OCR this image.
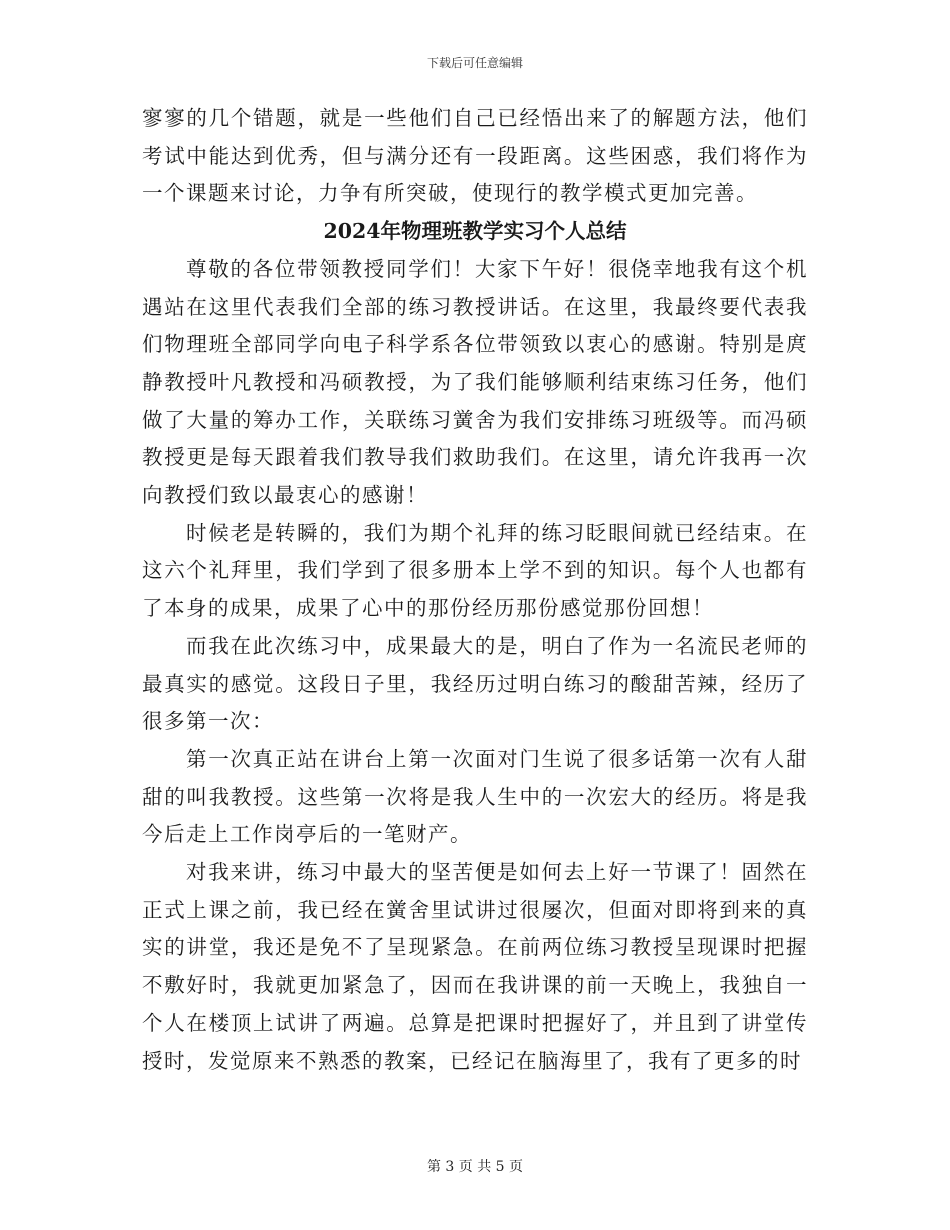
下载后可任意编辑

寥寥的几个错题，就是一些他们自己已经悟出来了的解题方法，他们考试中能达到优秀，但与满分还有一段距离。这些困惑，我们将作为一个课题来讨论，力争有所突破，使现行的教学模式更加完善。

2024年物理班教学实习个人总结

尊敬的各位带领教授同学们！大家下午好！很侥幸地我有这个机遇站在这里代表我们全部的练习教授讲话。在这里，我最终要代表我们物理班全部同学向电子科学系各位带领致以衷心的感谢。特别是庹静教授叶凡教授和冯硕教授，为了我们能够顺利结束练习任务，他们做了大量的筹办工作，关联练习黉舍为我们安排练习班级等。而冯硕教授更是每天跟着我们教导我们救助我们。在这里，请允许我再一次向教授们致以最衷心的感谢！

时候老是转瞬的，我们为期个礼拜的练习眨眼间就已经结束。在这六个礼拜里，我们学到了很多册本上学不到的知识。每个人也都有了本身的成果，成果了心中的那份经历那份感觉那份回想！

而我在此次练习中，成果最大的是，明白了作为一名流民老师的最真实的感觉。这段日子里，我经历过明白练习的酸甜苦辣，经历了很多第一次：

第一次真正站在讲台上第一次面对门生说了很多话第一次有人甜甜的叫我教授。这些第一次将是我人生中的一次宏大的经历。将是我今后走上工作岗亭后的一笔财产。

对我来讲，练习中最大的坚苦便是如何去上好一节课了！固然在正式上课之前，我已经在黉舍里试讲过很屡次，但面对即将到来的真实的讲堂，我还是免不了呈现紧急。在前两位练习教授呈现课时把握不敷好时，我就更加紧急了，因而在我讲课的前一天晚上，我独自一个人在楼顶上试讲了两遍。总算是把课时把握好了，并且到了讲堂传授时，发觉原来不熟悉的教案，已经记在脑海里了，我有了更多的时

第 3 页 共 5 页
